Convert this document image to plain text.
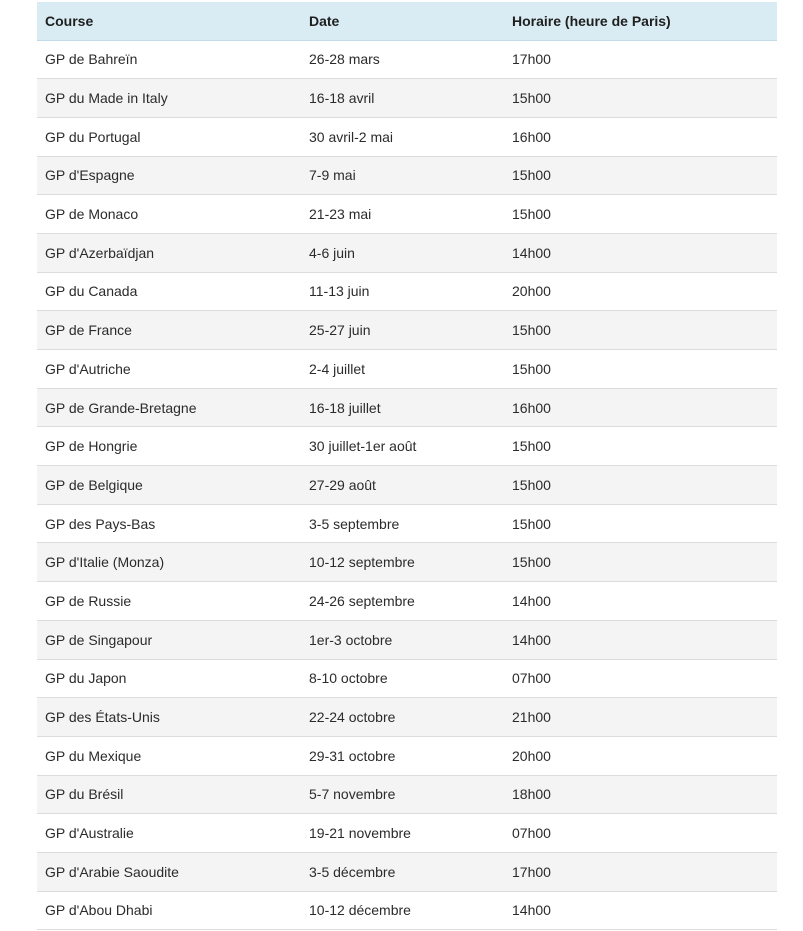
Course	Date	Horaire (heure de Paris)
GP de Bahreïn	26-28 mars	17h00
GP du Made in Italy	16-18 avril	15h00
GP du Portugal	30 avril-2 mai	16h00
GP d'Espagne	7-9 mai	15h00
GP de Monaco	21-23 mai	15h00
GP d'Azerbaïdjan	4-6 juin	14h00
GP du Canada	11-13 juin	20h00
GP de France	25-27 juin	15h00
GP d'Autriche	2-4 juillet	15h00
GP de Grande-Bretagne	16-18 juillet	16h00
GP de Hongrie	30 juillet-1er août	15h00
GP de Belgique	27-29 août	15h00
GP des Pays-Bas	3-5 septembre	15h00
GP d'Italie (Monza)	10-12 septembre	15h00
GP de Russie	24-26 septembre	14h00
GP de Singapour	1er-3 octobre	14h00
GP du Japon	8-10 octobre	07h00
GP des États-Unis	22-24 octobre	21h00
GP du Mexique	29-31 octobre	20h00
GP du Brésil	5-7 novembre	18h00
GP d'Australie	19-21 novembre	07h00
GP d'Arabie Saoudite	3-5 décembre	17h00
GP d'Abou Dhabi	10-12 décembre	14h00
